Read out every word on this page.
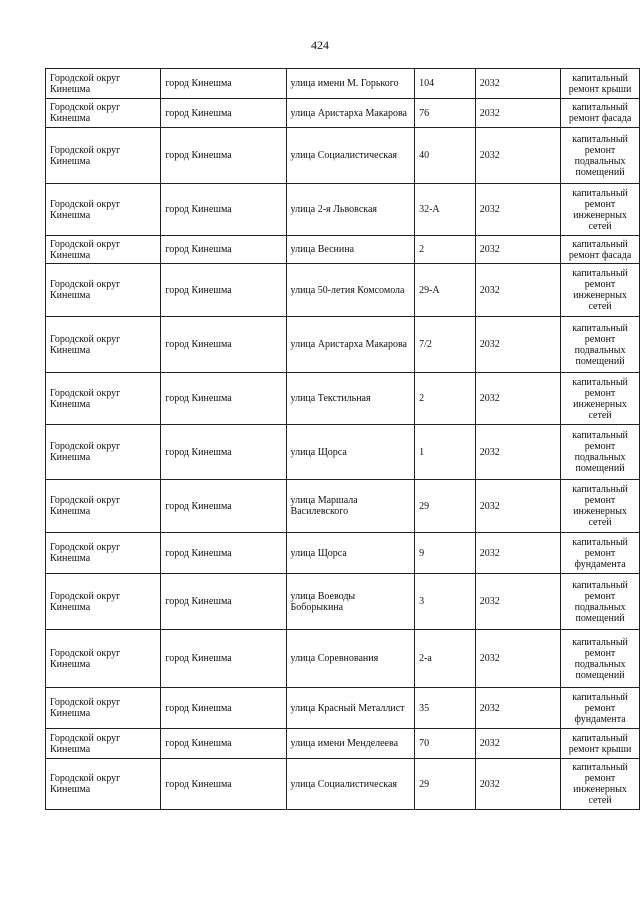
424
Городской округ Кинешма	город Кинешма	улица имени М. Горького	104	2032	капитальный ремонт крыши
Городской округ Кинешма	город Кинешма	улица Аристарха Макарова	76	2032	капитальный ремонт фасада
Городской округ Кинешма	город Кинешма	улица Социалистическая	40	2032	капитальный ремонт подвальных помещений
Городской округ Кинешма	город Кинешма	улица 2-я Львовская	32-А	2032	капитальный ремонт инженерных сетей
Городской округ Кинешма	город Кинешма	улица Веснина	2	2032	капитальный ремонт фасада
Городской округ Кинешма	город Кинешма	улица 50-летия Комсомола	29-А	2032	капитальный ремонт инженерных сетей
Городской округ Кинешма	город Кинешма	улица Аристарха Макарова	7/2	2032	капитальный ремонт подвальных помещений
Городской округ Кинешма	город Кинешма	улица Текстильная	2	2032	капитальный ремонт инженерных сетей
Городской округ Кинешма	город Кинешма	улица Щорса	1	2032	капитальный ремонт подвальных помещений
Городской округ Кинешма	город Кинешма	улица Маршала Василевского	29	2032	капитальный ремонт инженерных сетей
Городской округ Кинешма	город Кинешма	улица Щорса	9	2032	капитальный ремонт фундамента
Городской округ Кинешма	город Кинешма	улица Воеводы Боборыкина	3	2032	капитальный ремонт подвальных помещений
Городской округ Кинешма	город Кинешма	улица Соревнования	2-а	2032	капитальный ремонт подвальных помещений
Городской округ Кинешма	город Кинешма	улица Красный Металлист	35	2032	капитальный ремонт фундамента
Городской округ Кинешма	город Кинешма	улица имени Менделеева	70	2032	капитальный ремонт крыши
Городской округ Кинешма	город Кинешма	улица Социалистическая	29	2032	капитальный ремонт инженерных сетей
